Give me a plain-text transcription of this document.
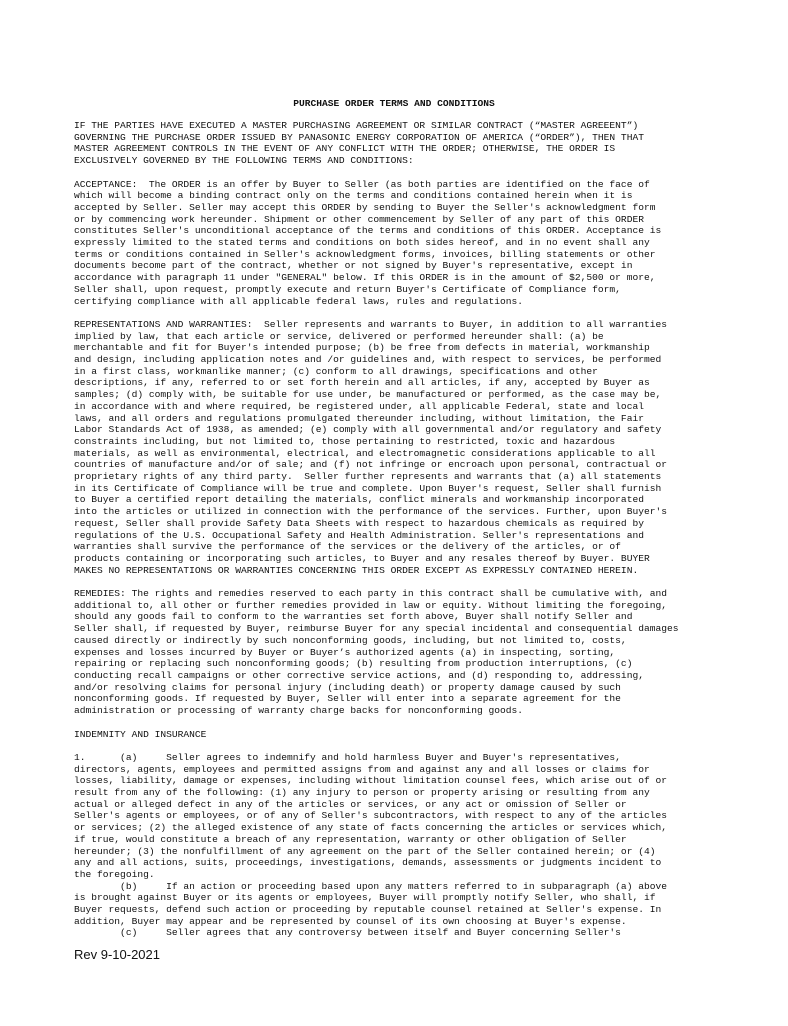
PURCHASE ORDER TERMS AND CONDITIONS
IF THE PARTIES HAVE EXECUTED A MASTER PURCHASING AGREEMENT OR SIMILAR CONTRACT (“MASTER AGREEENT”)
GOVERNING THE PURCHASE ORDER ISSUED BY PANASONIC ENERGY CORPORATION OF AMERICA (“ORDER”), THEN THAT
MASTER AGREEMENT CONTROLS IN THE EVENT OF ANY CONFLICT WITH THE ORDER; OTHERWISE, THE ORDER IS
EXCLUSIVELY GOVERNED BY THE FOLLOWING TERMS AND CONDITIONS:
ACCEPTANCE:  The ORDER is an offer by Buyer to Seller (as both parties are identified on the face of
which will become a binding contract only on the terms and conditions contained herein when it is
accepted by Seller. Seller may accept this ORDER by sending to Buyer the Seller's acknowledgment form
or by commencing work hereunder. Shipment or other commencement by Seller of any part of this ORDER
constitutes Seller's unconditional acceptance of the terms and conditions of this ORDER. Acceptance is
expressly limited to the stated terms and conditions on both sides hereof, and in no event shall any
terms or conditions contained in Seller's acknowledgment forms, invoices, billing statements or other
documents become part of the contract, whether or not signed by Buyer's representative, except in
accordance with paragraph 11 under "GENERAL" below. If this ORDER is in the amount of $2,500 or more,
Seller shall, upon request, promptly execute and return Buyer's Certificate of Compliance form,
certifying compliance with all applicable federal laws, rules and regulations.
REPRESENTATIONS AND WARRANTIES:  Seller represents and warrants to Buyer, in addition to all warranties
implied by law, that each article or service, delivered or performed hereunder shall: (a) be
merchantable and fit for Buyer's intended purpose; (b) be free from defects in material, workmanship
and design, including application notes and /or guidelines and, with respect to services, be performed
in a first class, workmanlike manner; (c) conform to all drawings, specifications and other
descriptions, if any, referred to or set forth herein and all articles, if any, accepted by Buyer as
samples; (d) comply with, be suitable for use under, be manufactured or performed, as the case may be,
in accordance with and where required, be registered under, all applicable Federal, state and local
laws, and all orders and regulations promulgated thereunder including, without limitation, the Fair
Labor Standards Act of 1938, as amended; (e) comply with all governmental and/or regulatory and safety
constraints including, but not limited to, those pertaining to restricted, toxic and hazardous
materials, as well as environmental, electrical, and electromagnetic considerations applicable to all
countries of manufacture and/or of sale; and (f) not infringe or encroach upon personal, contractual or
proprietary rights of any third party.  Seller further represents and warrants that (a) all statements
in its Certificate of Compliance will be true and complete. Upon Buyer's request, Seller shall furnish
to Buyer a certified report detailing the materials, conflict minerals and workmanship incorporated
into the articles or utilized in connection with the performance of the services. Further, upon Buyer's
request, Seller shall provide Safety Data Sheets with respect to hazardous chemicals as required by
regulations of the U.S. Occupational Safety and Health Administration. Seller's representations and
warranties shall survive the performance of the services or the delivery of the articles, or of
products containing or incorporating such articles, to Buyer and any resales thereof by Buyer. BUYER
MAKES NO REPRESENTATIONS OR WARRANTIES CONCERNING THIS ORDER EXCEPT AS EXPRESSLY CONTAINED HEREIN.
REMEDIES: The rights and remedies reserved to each party in this contract shall be cumulative with, and
additional to, all other or further remedies provided in law or equity. Without limiting the foregoing,
should any goods fail to conform to the warranties set forth above, Buyer shall notify Seller and
Seller shall, if requested by Buyer, reimburse Buyer for any special incidental and consequential damages
caused directly or indirectly by such nonconforming goods, including, but not limited to, costs,
expenses and losses incurred by Buyer or Buyer’s authorized agents (a) in inspecting, sorting,
repairing or replacing such nonconforming goods; (b) resulting from production interruptions, (c)
conducting recall campaigns or other corrective service actions, and (d) responding to, addressing,
and/or resolving claims for personal injury (including death) or property damage caused by such
nonconforming goods. If requested by Buyer, Seller will enter into a separate agreement for the
administration or processing of warranty charge backs for nonconforming goods.
INDEMNITY AND INSURANCE
1.      (a)     Seller agrees to indemnify and hold harmless Buyer and Buyer's representatives,
directors, agents, employees and permitted assigns from and against any and all losses or claims for
losses, liability, damage or expenses, including without limitation counsel fees, which arise out of or
result from any of the following: (1) any injury to person or property arising or resulting from any
actual or alleged defect in any of the articles or services, or any act or omission of Seller or
Seller's agents or employees, or of any of Seller's subcontractors, with respect to any of the articles
or services; (2) the alleged existence of any state of facts concerning the articles or services which,
if true, would constitute a breach of any representation, warranty or other obligation of Seller
hereunder; (3) the nonfulfillment of any agreement on the part of the Seller contained herein; or (4)
any and all actions, suits, proceedings, investigations, demands, assessments or judgments incident to
the foregoing.
(b)     If an action or proceeding based upon any matters referred to in subparagraph (a) above
is brought against Buyer or its agents or employees, Buyer will promptly notify Seller, who shall, if
Buyer requests, defend such action or proceeding by reputable counsel retained at Seller's expense. In
addition, Buyer may appear and be represented by counsel of its own choosing at Buyer's expense.
(c)     Seller agrees that any controversy between itself and Buyer concerning Seller's
Rev 9-10-2021
